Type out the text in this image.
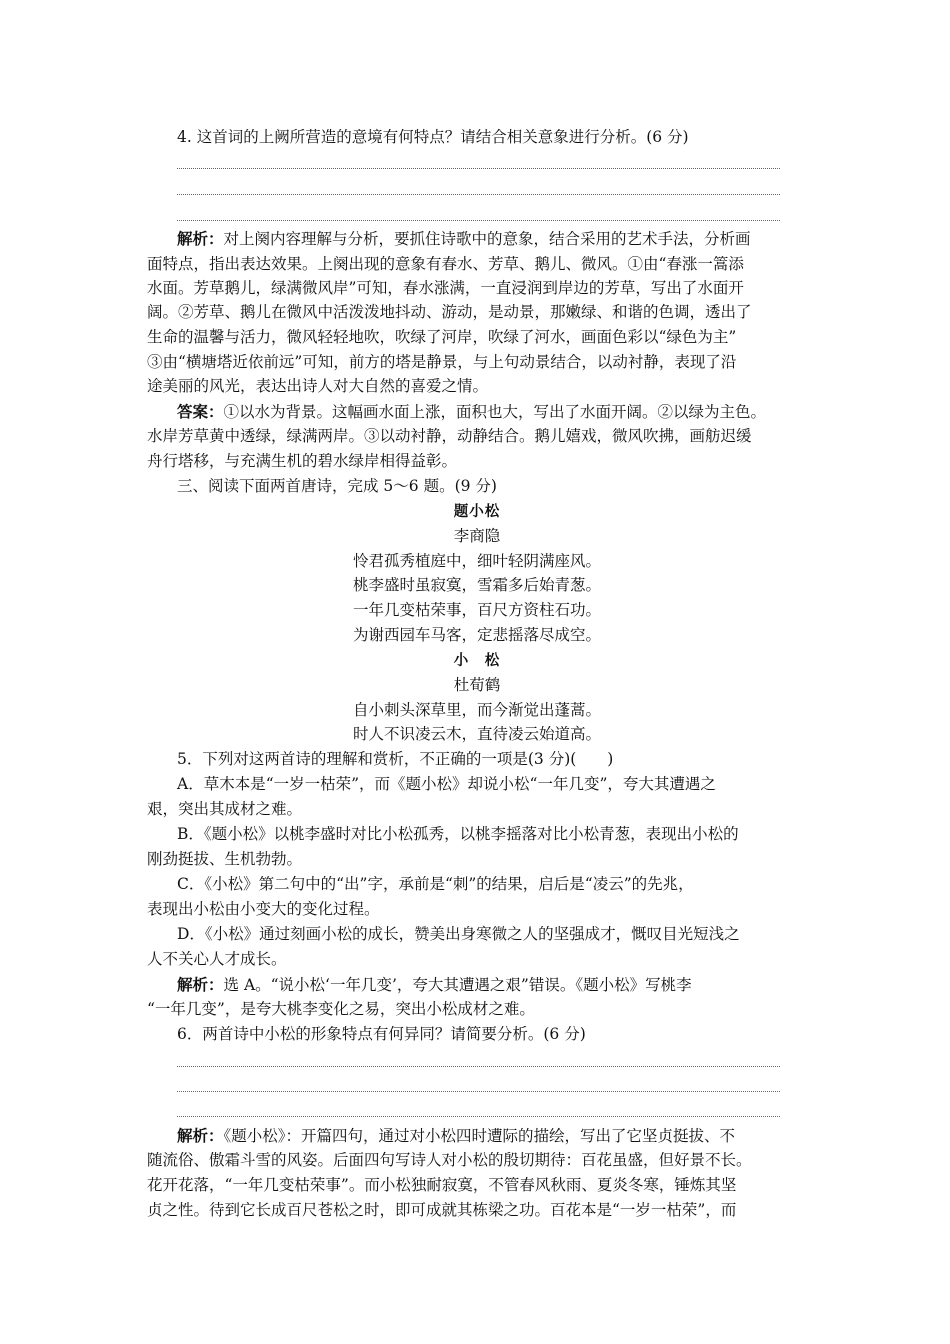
4. 这首词的上阙所营造的意境有何特点？请结合相关意象进行分析。(6 分)
解析：对上阕内容理解与分析，要抓住诗歌中的意象，结合采用的艺术手法，分析画
面特点，指出表达效果。上阕出现的意象有春水、芳草、鹅儿、微风。①由“春涨一篙添
水面。芳草鹅儿，绿满微风岸”可知，春水涨满，一直浸润到岸边的芳草，写出了水面开
阔。②芳草、鹅儿在微风中活泼泼地抖动、游动，是动景，那嫩绿、和谐的色调，透出了
生命的温馨与活力，微风轻轻地吹，吹绿了河岸，吹绿了河水，画面色彩以“绿色为主”
③由“横塘塔近依前远”可知，前方的塔是静景，与上句动景结合，以动衬静，表现了沿
途美丽的风光，表达出诗人对大自然的喜爱之情。
答案：①以水为背景。这幅画水面上涨，面积也大，写出了水面开阔。②以绿为主色。
水岸芳草黄中透绿，绿满两岸。③以动衬静，动静结合。鹅儿嬉戏，微风吹拂，画舫迟缓
舟行塔移，与充满生机的碧水绿岸相得益彰。
三、阅读下面两首唐诗，完成 5～6 题。(9 分)
题小松
李商隐
怜君孤秀植庭中，细叶轻阴满座风。
桃李盛时虽寂寞，雪霜多后始青葱。
一年几变枯荣事，百尺方资柱石功。
为谢西园车马客，定悲摇落尽成空。
小　松
杜荀鹤
自小刺头深草里，而今渐觉出蓬蒿。
时人不识凌云木，直待凌云始道高。
5．下列对这两首诗的理解和赏析，不正确的一项是(3 分)(　　)
A．草木本是“一岁一枯荣”，而《题小松》却说小松“一年几变”，夸大其遭遇之
艰，突出其成材之难。
B．《题小松》以桃李盛时对比小松孤秀，以桃李摇落对比小松青葱，表现出小松的
刚劲挺拔、生机勃勃。
C．《小松》第二句中的“出”字，承前是“刺”的结果，启后是“凌云”的先兆，
表现出小松由小变大的变化过程。
D．《小松》通过刻画小松的成长，赞美出身寒微之人的坚强成才，慨叹目光短浅之
人不关心人才成长。
解析：选 A。“说小松‘一年几变’，夸大其遭遇之艰”错误。《题小松》写桃李
“一年几变”，是夸大桃李变化之易，突出小松成材之难。
6．两首诗中小松的形象特点有何异同？请简要分析。(6 分)
解析：《题小松》：开篇四句，通过对小松四时遭际的描绘，写出了它坚贞挺拔、不
随流俗、傲霜斗雪的风姿。后面四句写诗人对小松的殷切期待：百花虽盛，但好景不长。
花开花落，“一年几变枯荣事”。而小松独耐寂寞，不管春风秋雨、夏炎冬寒，锤炼其坚
贞之性。待到它长成百尺苍松之时，即可成就其栋梁之功。百花本是“一岁一枯荣”，而
